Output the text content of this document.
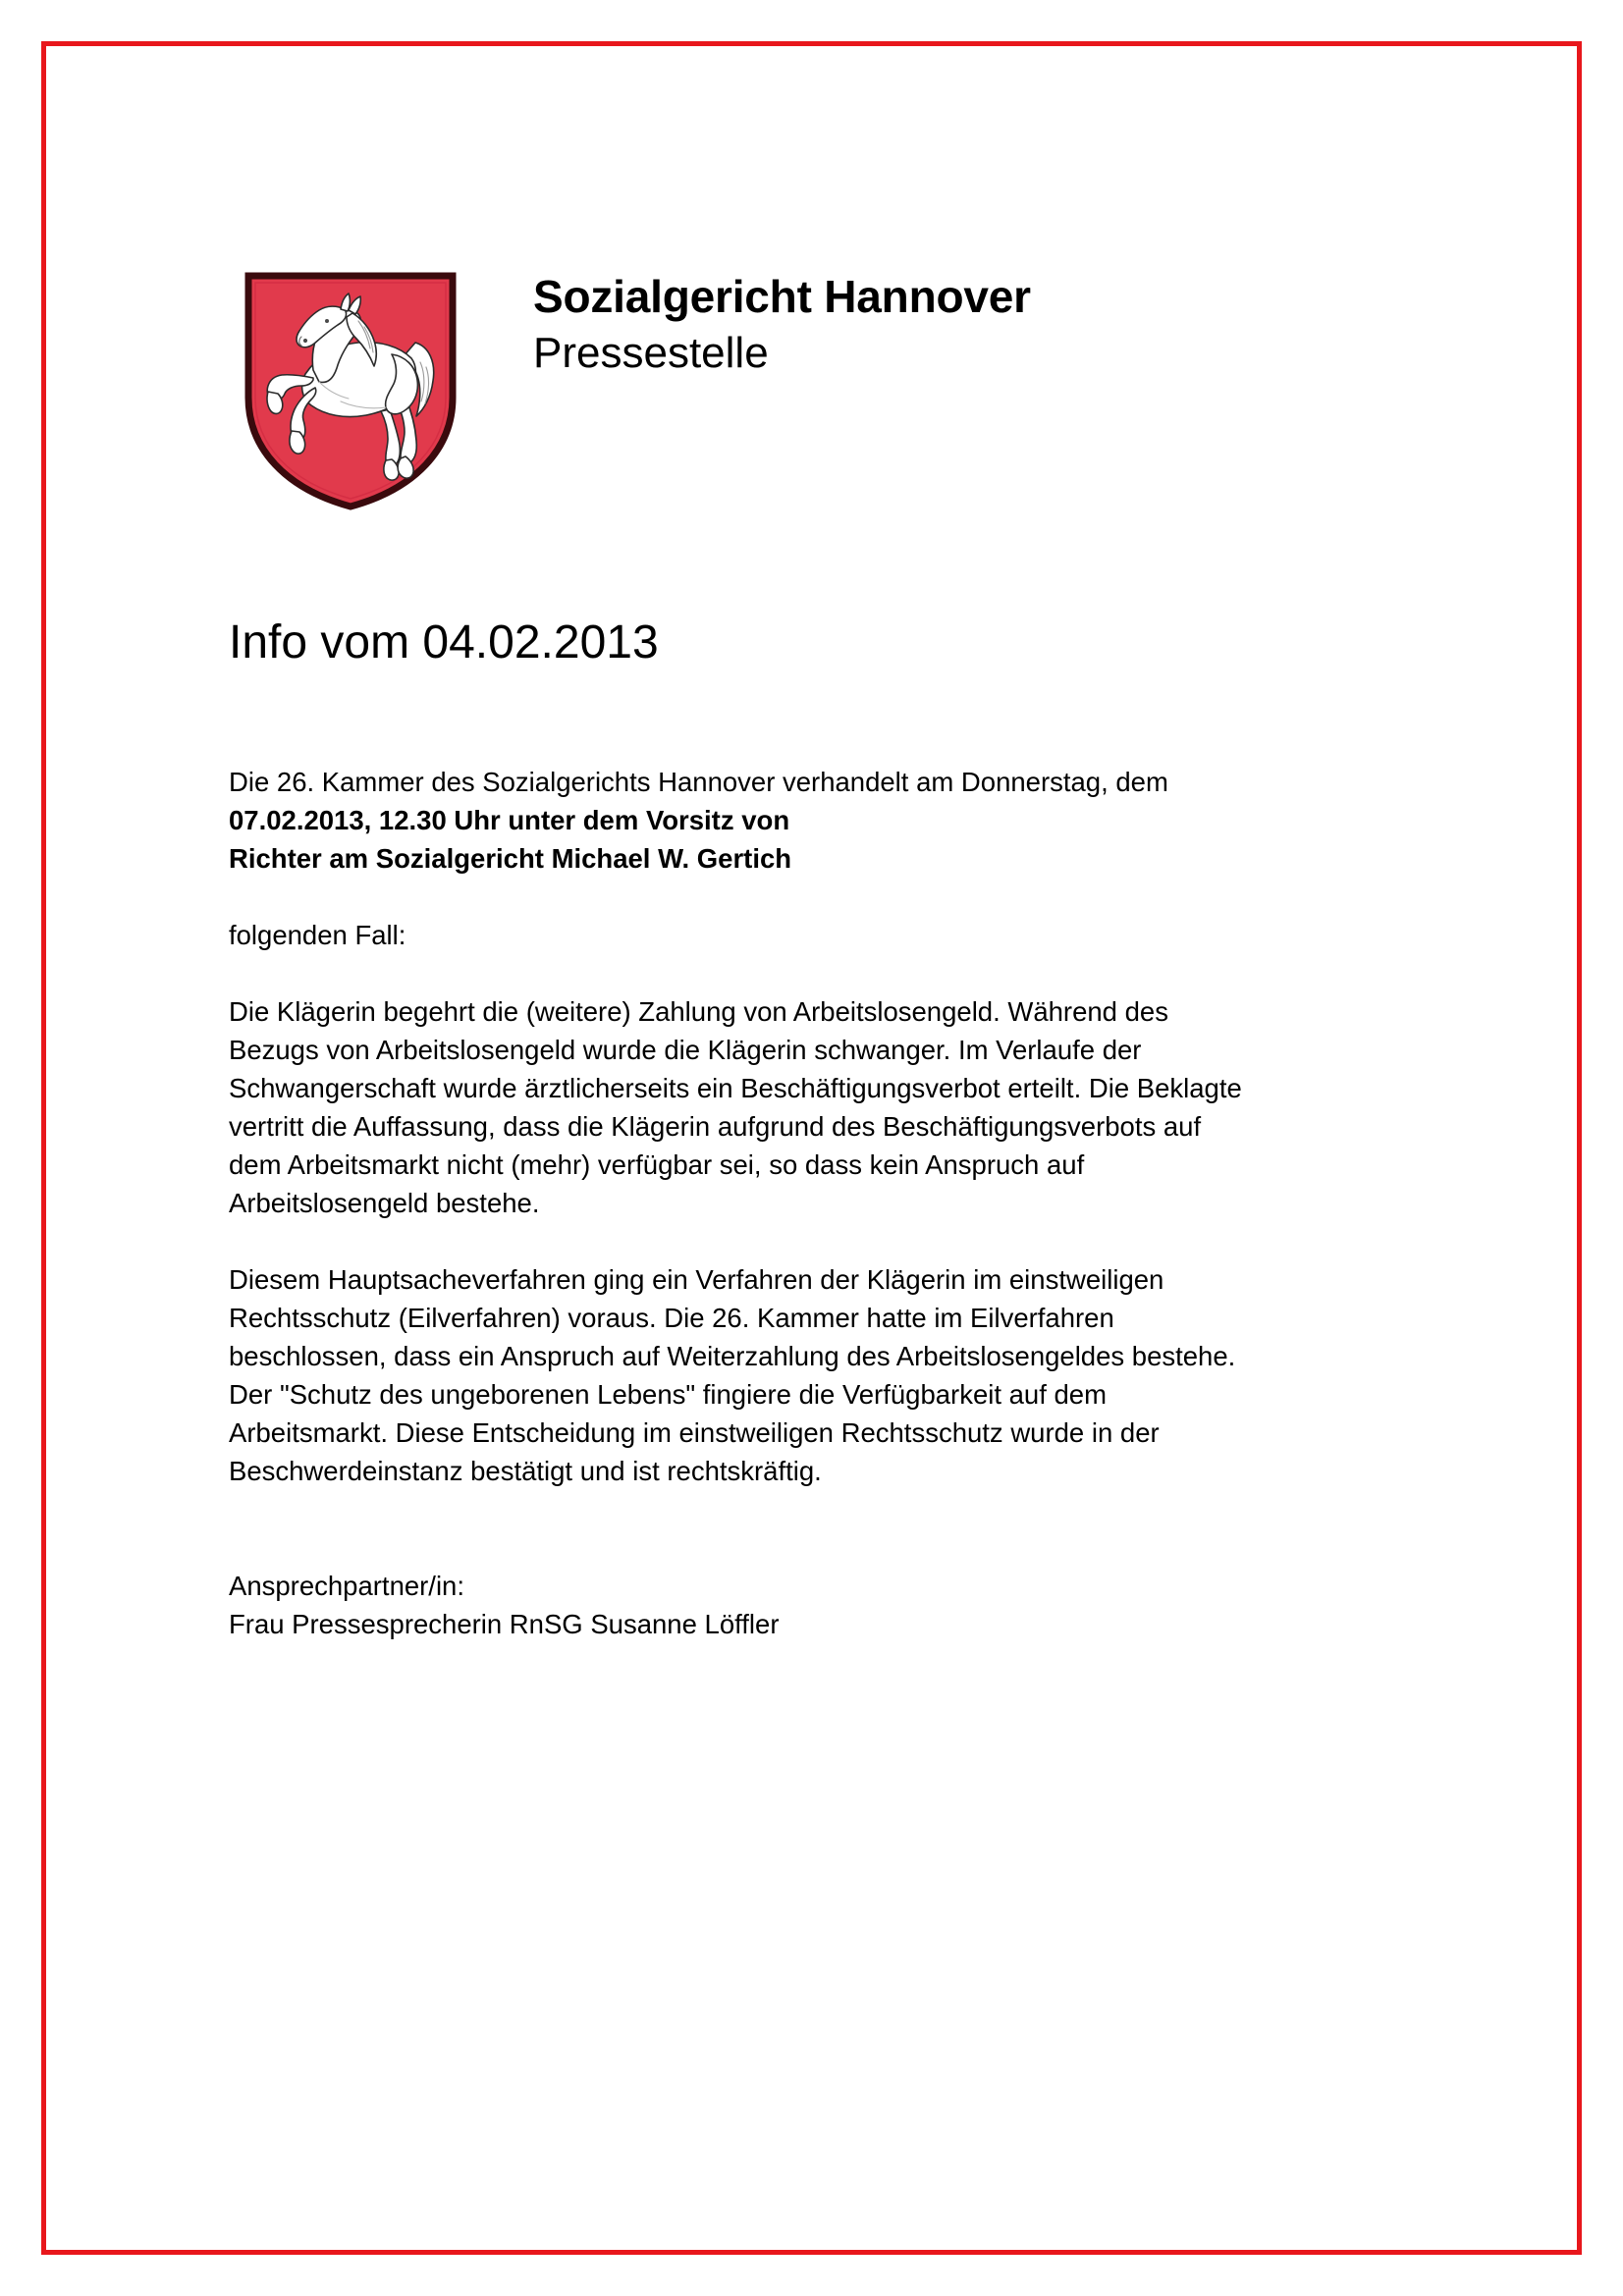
Sozialgericht Hannover
Pressestelle
Info vom 04.02.2013
Die 26. Kammer des Sozialgerichts Hannover verhandelt am Donnerstag, dem
07.02.2013, 12.30 Uhr unter dem Vorsitz von
Richter am Sozialgericht Michael W. Gertich
folgenden Fall:

Die Klägerin begehrt die (weitere) Zahlung von Arbeitslosengeld. Während des
Bezugs von Arbeitslosengeld wurde die Klägerin schwanger. Im Verlaufe der
Schwangerschaft wurde ärztlicherseits ein Beschäftigungsverbot erteilt. Die Beklagte
vertritt die Auffassung, dass die Klägerin aufgrund des Beschäftigungsverbots auf
dem Arbeitsmarkt nicht (mehr) verfügbar sei, so dass kein Anspruch auf
Arbeitslosengeld bestehe.

Diesem Hauptsacheverfahren ging ein Verfahren der Klägerin im einstweiligen
Rechtsschutz (Eilverfahren) voraus. Die 26. Kammer hatte im Eilverfahren
beschlossen, dass ein Anspruch auf Weiterzahlung des Arbeitslosengeldes bestehe.
Der "Schutz des ungeborenen Lebens" fingiere die Verfügbarkeit auf dem
Arbeitsmarkt. Diese Entscheidung im einstweiligen Rechtsschutz wurde in der
Beschwerdeinstanz bestätigt und ist rechtskräftig.

Ansprechpartner/in:
Frau Pressesprecherin RnSG Susanne Löffler
